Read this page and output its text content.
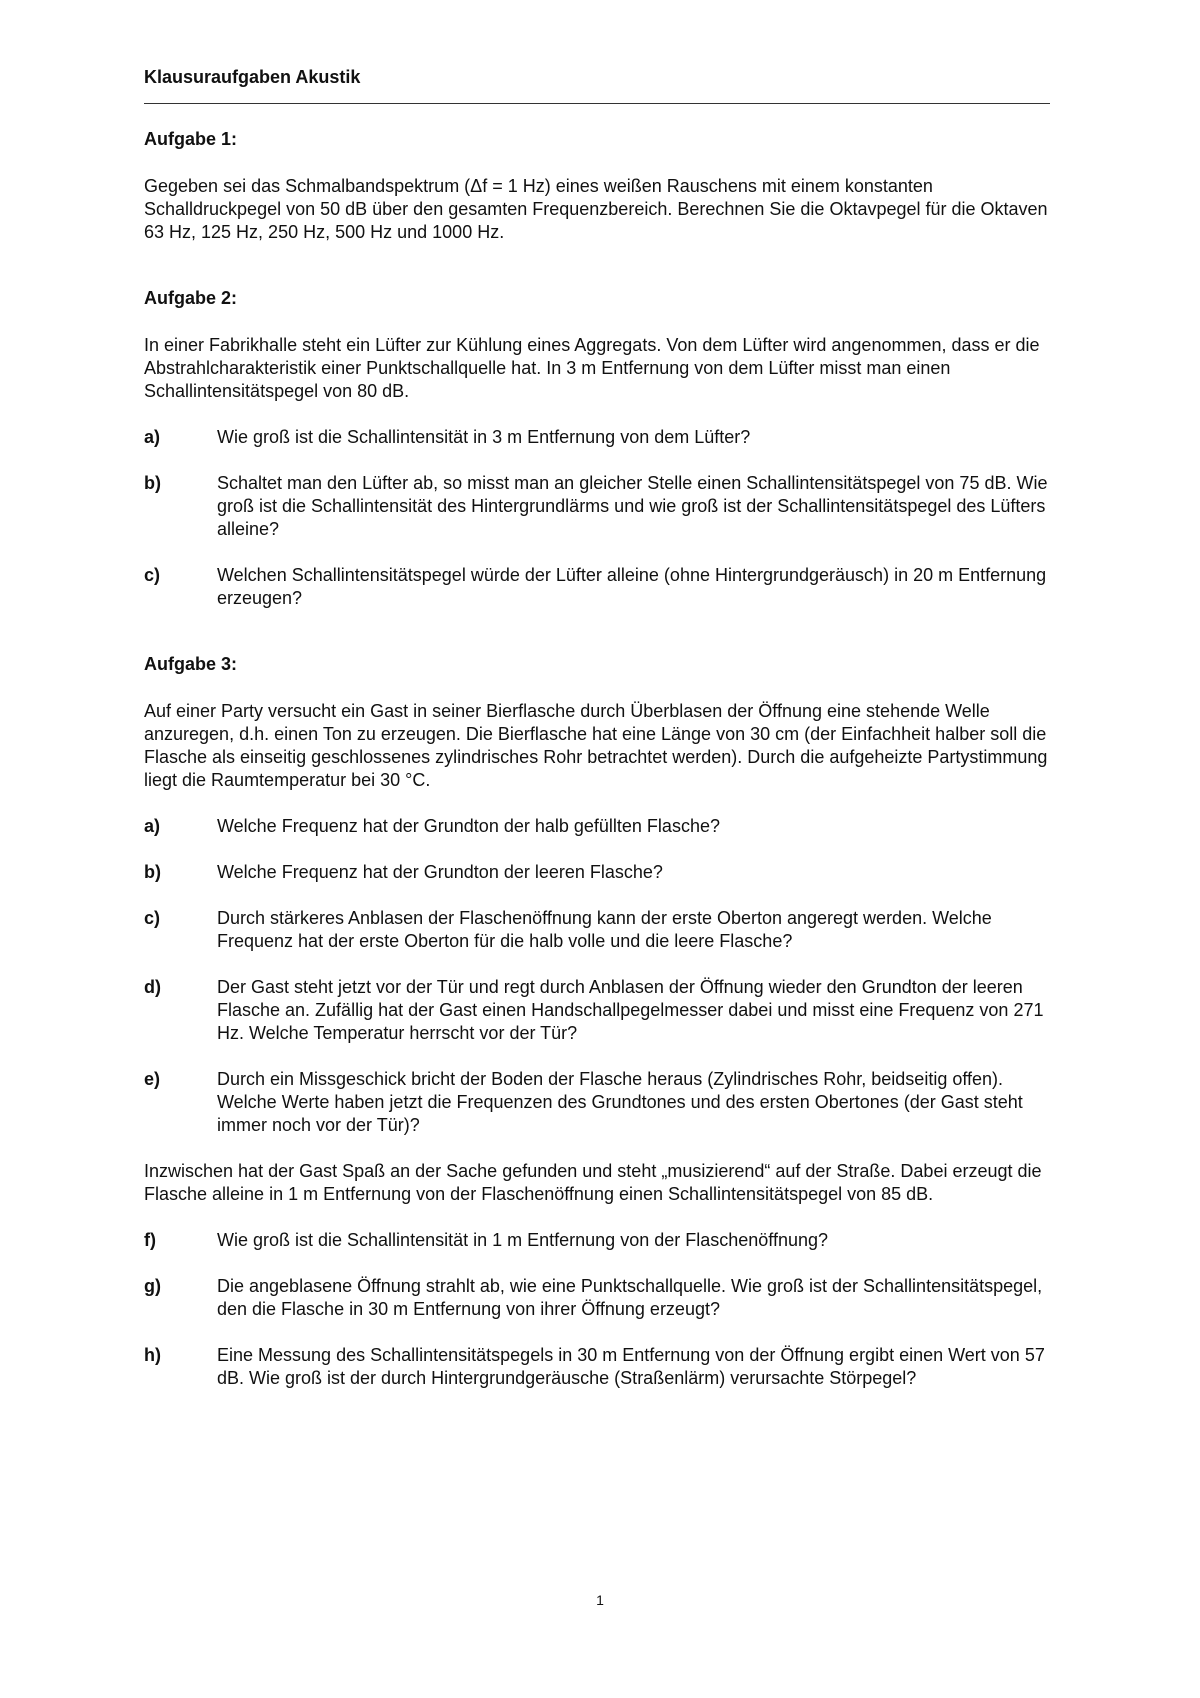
Klausuraufgaben Akustik
Aufgabe 1:
Gegeben sei das Schmalbandspektrum (Δf = 1 Hz) eines weißen Rauschens mit einem konstanten Schalldruckpegel von 50 dB über den gesamten Frequenzbereich. Berechnen Sie die Oktavpegel für die Oktaven 63 Hz, 125 Hz, 250 Hz, 500 Hz und 1000 Hz.
Aufgabe 2:
In einer Fabrikhalle steht ein Lüfter zur Kühlung eines Aggregats. Von dem Lüfter wird angenommen, dass er die Abstrahlcharakteristik einer Punktschallquelle hat. In 3 m Entfernung von dem Lüfter misst man einen Schallintensitätspegel von 80 dB.
a)	Wie groß ist die Schallintensität in 3 m Entfernung von dem Lüfter?
b)	Schaltet man den Lüfter ab, so misst man an gleicher Stelle einen Schallintensitätspegel von 75 dB. Wie groß ist die Schallintensität des Hintergrundlärms und wie groß ist der Schallintensitätspegel des Lüfters alleine?
c)	Welchen Schallintensitätspegel würde der Lüfter alleine (ohne Hintergrundgeräusch) in 20 m Entfernung erzeugen?
Aufgabe 3:
Auf einer Party versucht ein Gast in seiner Bierflasche durch Überblasen der Öffnung eine stehende Welle anzuregen, d.h. einen Ton zu erzeugen. Die Bierflasche hat eine Länge von 30 cm (der Einfachheit halber soll die Flasche als einseitig geschlossenes zylindrisches Rohr betrachtet werden). Durch die aufgeheizte Partystimmung liegt die Raumtemperatur bei 30 °C.
a)	Welche Frequenz hat der Grundton der halb gefüllten Flasche?
b)	Welche Frequenz hat der Grundton der leeren Flasche?
c)	Durch stärkeres Anblasen der Flaschenöffnung kann der erste Oberton angeregt werden. Welche Frequenz hat der erste Oberton für die halb volle und die leere Flasche?
d)	Der Gast steht jetzt vor der Tür und regt durch Anblasen der Öffnung wieder den Grundton der leeren Flasche an. Zufällig hat der Gast einen Handschallpegelmesser dabei und misst eine Frequenz von 271 Hz. Welche Temperatur herrscht vor der Tür?
e)	Durch ein Missgeschick bricht der Boden der Flasche heraus (Zylindrisches Rohr, beidseitig offen). Welche Werte haben jetzt die Frequenzen des Grundtones und des ersten Obertones (der Gast steht immer noch vor der Tür)?
Inzwischen hat der Gast Spaß an der Sache gefunden und steht „musizierend“ auf der Straße. Dabei erzeugt die Flasche alleine in 1 m Entfernung von der Flaschenöffnung einen Schallintensitätspegel von 85 dB.
f)	Wie groß ist die Schallintensität in 1 m Entfernung von der Flaschenöffnung?
g)	Die angeblasene Öffnung strahlt ab, wie eine Punktschallquelle. Wie groß ist der Schallintensitätspegel, den die Flasche in 30 m Entfernung von ihrer Öffnung erzeugt?
h)	Eine Messung des Schallintensitätspegels in 30 m Entfernung von der Öffnung ergibt einen Wert von 57 dB. Wie groß ist der durch Hintergrundgeräusche (Straßenlärm) verursachte Störpegel?
1
